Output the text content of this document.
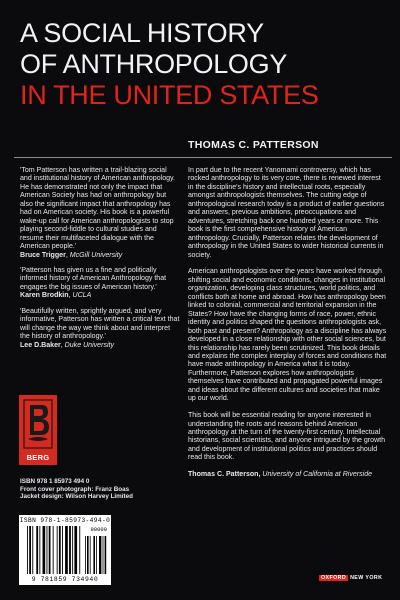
A SOCIAL HISTORY
OF ANTHROPOLOGY
IN THE UNITED STATES
THOMAS C. PATTERSON
'Tom Patterson has written a trail-blazing social and institutional history of American anthropology. He has demonstrated not only the impact that American Society has had on anthropology but also the significant impact that anthropology has had on American society. His book is a powerful wake-up call for American anthropologists to stop playing second-fiddle to cultural studies and resume their multifaceted dialogue with the American people.'
Bruce Trigger, McGill University
'Patterson has given us a fine and politically informed history of American Anthropology that engages the big issues of American history.'
Karen Brodkin, UCLA
'Beautifully written, sprightly argued, and very informative, Patterson has written a critical text that will change the way we think about and interpret the history of anthropology.'
Lee D.Baker, Duke University

In part due to the recent Yanomami controversy, which has rocked anthropology to its very core, there is renewed interest in the discipline's history and intellectual roots, especially amongst anthropologists themselves. The cutting edge of anthropological research today is a product of earlier questions and answers, previous ambitions, preoccupations and adventures, stretching back one hundred years or more. This book is the first comprehensive history of American anthropology. Crucially, Patterson relates the development of anthropology in the United States to wider historical currents in society.

American anthropologists over the years have worked through shifting social and economic conditions, changes in institutional organization, developing class structures, world politics, and conflicts both at home and abroad. How has anthropology been linked to colonial, commercial and territorial expansion in the States? How have the changing forms of race, power, ethnic identity and politics shaped the questions anthropologists ask, both past and present? Anthropology as a discipline has always developed in a close relationship with other social sciences, but this relationship has rarely been scrutinized. This book details and explains the complex interplay of forces and conditions that have made anthropology in America what it is today. Furthermore, Patterson explores how anthropologists themselves have contributed and propagated powerful images and ideas about the different cultures and societies that make up our world.

This book will be essential reading for anyone interested in understanding the roots and reasons behind American anthropology at the turn of the twenty-first century. Intellectual historians, social scientists, and anyone intrigued by the growth and development of institutional politics and practices should read this book.

Thomas C. Patterson, University of California at Riverside

BERG
ISBN 978 1 85973 494 0
Front cover photograph: Franz Boas
Jacket design: Wilson Harvey Limited
ISBN 978-1-85973-494-0
90000
9 781859 734940	OXFORD NEW YORK
